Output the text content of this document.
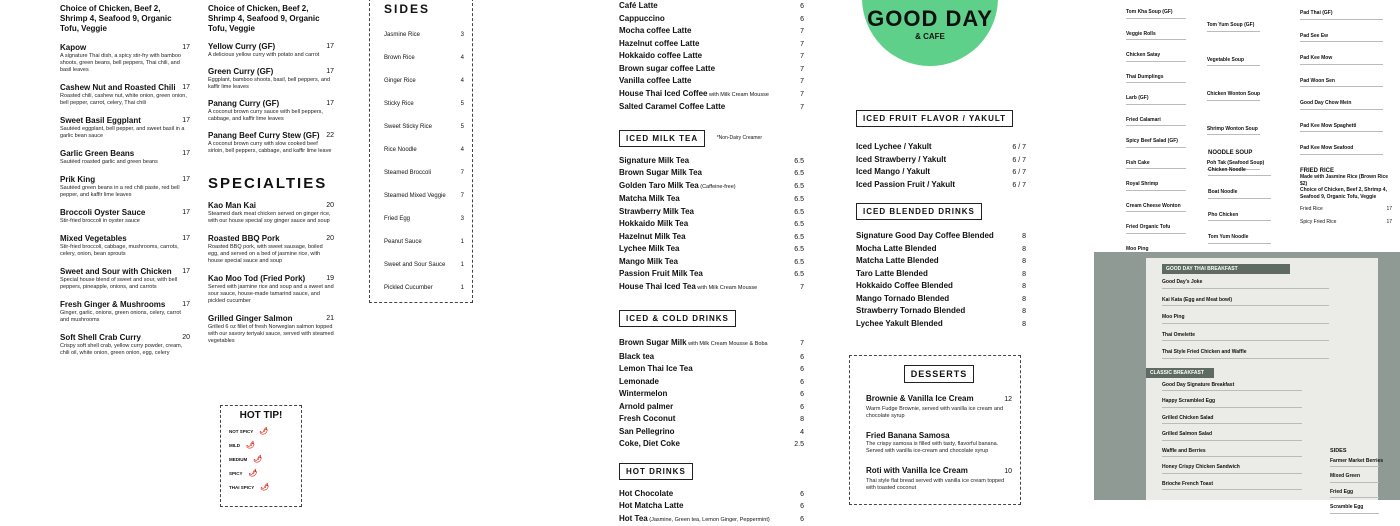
Choice of Chicken, Beef 2, Shrimp 4, Seafood 9, Organic Tofu, Veggie
Kapow	17
A signature Thai dish, a spicy stir-fry with bamboo shoots, green beans, bell peppers, Thai chili, and basil leaves
Cashew Nut and Roasted Chili 17
Roasted chili, cashew nut, white onion, green onion, bell pepper, carrot, celery, Thai chili
Sweet Basil Eggplant	17
Sautéed eggplant, bell pepper, and sweet basil in a garlic bean sauce
Garlic Green Beans	17
Sautéed roasted garlic and green beans
Prik King	17
Sautéed green beans in a red chili paste, red bell pepper, and kaffir lime leaves
Broccoli Oyster Sauce	17
Stir-fried broccoli in oyster sauce
Mixed Vegetables	17
Stir-fried broccoli, cabbage, mushrooms, carrots, celery, onion, bean sprouts
Sweet and Sour with Chicken 17
Special house blend of sweet and sour, with bell peppers, pineapple, onions, and carrots
Fresh Ginger & Mushrooms 17
Ginger, garlic, onions, green onions, celery, carrot and mushrooms
Soft Shell Crab Curry	20
Crispy soft shell crab, yellow curry powder, cream, chili oil, white onion, green onion, egg, celery
Choice of Chicken, Beef 2, Shrimp 4, Seafood 9, Organic Tofu, Veggie
Yellow Curry (GF)	17
A delicious yellow curry with potato and carrot
Green Curry (GF)	17
Eggplant, bamboo shoots, basil, bell peppers, and kaffir lime leaves
Panang Curry (GF)	17
A coconut brown curry sauce with bell peppers, cabbage, and kaffir lime leaves
Panang Beef Curry Stew (GF) 22
A coconut brown curry with slow cooked beef sirloin, bell peppers, cabbage, and kaffir lime leave
SPECIALTIES
Kao Man Kai	20
Steamed dark meat chicken served on ginger rice, with our house special soy ginger sauce and soup
Roasted BBQ Pork	20
Roasted BBQ pork, with sweet sausage, boiled egg, and served on a bed of jasmine rice, with house special sauce and soup
Kao Moo Tod (Fried Pork)	19
Served with jasmine rice and soup and a sweet and sour sauce, house-made tamarind sauce, and pickled cucumber
Grilled Ginger Salmon	21
Grilled 6 oz fillet of fresh Norwegian salmon topped with our savory teriyaki sauce, served with steamed vegetables
HOT TIP!
NOT SPICY 🌶
MILD 🌶
MEDIUM 🌶
SPICY 🌶
THAI SPICY 🌶
SIDES
Jasmine Rice	3
Brown Rice	4
Ginger Rice	4
Sticky Rice	5
Sweet Sticky Rice	5
Rice Noodle	4
Steamed Broccoli	7
Steamed Mixed Veggie 7
Fried Egg	3
Peanut Sauce	1
Sweet and Sour Sauce	1
Pickled Cucumber	1
Café Latte	6
Cappuccino	6
Mocha coffee Latte	7
Hazelnut coffee Latte	7
Hokkaido coffee Latte	7
Brown sugar coffee Latte	7
Vanilla coffee Latte	7
House Thai Iced Coffee with Milk Cream Mousse	7
Salted Caramel Coffee Latte	7
ICED MILK TEA	*Non-Dairy Creamer
Signature Milk Tea	6.5
Brown Sugar Milk Tea	6.5
Golden Taro Milk Tea (Caffeine-free)	6.5
Matcha Milk Tea	6.5
Strawberry Milk Tea	6.5
Hokkaido Milk Tea	6.5
Hazelnut Milk Tea	6.5
Lychee Milk Tea	6.5
Mango Milk Tea	6.5
Passion Fruit Milk Tea	6.5
House Thai Iced Tea with Milk Cream Mousse	7
ICED & COLD DRINKS
Brown Sugar Milk with Milk Cream Mousse & Boba	7
Black tea	6
Lemon Thai Ice Tea	6
Lemonade	6
Wintermelon	6
Arnold palmer	6
Fresh Coconut	8
San Pellegrino	4
Coke, Diet Coke	2.5
HOT DRINKS
Hot Chocolate	6
Hot Matcha Latte	6
Hot Tea (Jasmine, Green tea, Lemon Ginger, Peppermint)	6
GOOD DAY
& CAFE
ICED FRUIT FLAVOR / YAKULT
Iced Lychee / Yakult	6 / 7
Iced Strawberry / Yakult	6 / 7
Iced Mango / Yakult	6 / 7
Iced Passion Fruit / Yakult	6 / 7
ICED BLENDED DRINKS
Signature Good Day Coffee Blended	8
Mocha Latte Blended	8
Matcha Latte Blended	8
Taro Latte Blended	8
Hokkaido Coffee Blended	8
Mango Tornado Blended	8
Strawberry Tornado Blended	8
Lychee Yakult Blended	8
DESSERTS
Brownie & Vanilla Ice Cream	12
Warm Fudge Brownie, served with vanilla ice cream and chocolate syrup
Fried Banana Samosa
The crispy samosa is filled with tasty, flavorful banana. Served with vanilla ice-cream and chocolate syrup
Roti with Vanilla Ice Cream	10
Thai style flat bread served with vanilla ice cream topped with toasted coconut
Tom Kha Soup (GF)
Veggie Rolls
Chicken Satay
Thai Dumplings
Larb (GF)
Fried Calamari
Spicy Beef Salad (GF)
Fish Cake
Royal Shrimp
Cream Cheese Wonton
Fried Organic Tofu
Moo Ping
Tom Yum Soup (GF)
Vegetable Soup
Chicken Wonton Soup
Shrimp Wonton Soup
Poh Tak (Seafood Soup)
NOODLE SOUP
Chicken Noodle
Boat Noodle
Pho Chicken
Tom Yum Noodle
Pad Thai (GF)
Pad See Ew
Pad Kee Mow
Pad Woon Sen
Good Day Chow Mein
Pad Kee Mow Spaghetti
Pad Kee Mow Seafood
FRIED RICE
Made with Jasmine Rice (Brown Rice $2)
Choice of Chicken, Beef 2, Shrimp 4, Seafood 9, Organic Tofu, Veggie
Fried Rice	17
Spicy Fried Rice	17
GOOD DAY THAI BREAKFAST
Good Day's Joke
Kai Kata (Egg and Meat bowl)
Moo Ping
Thai Omelette
Thai Style Fried Chicken and Waffle
CLASSIC BREAKFAST
Good Day Signature Breakfast
Happy Scrambled Egg
Grilled Chicken Salad
Grilled Salmon Salad
Waffle and Berries
Honey Crispy Chicken Sandwich
Brioche French Toast
SIDES
Farmer Market Berries
Mixed Green
Fried Egg
Scramble Egg
